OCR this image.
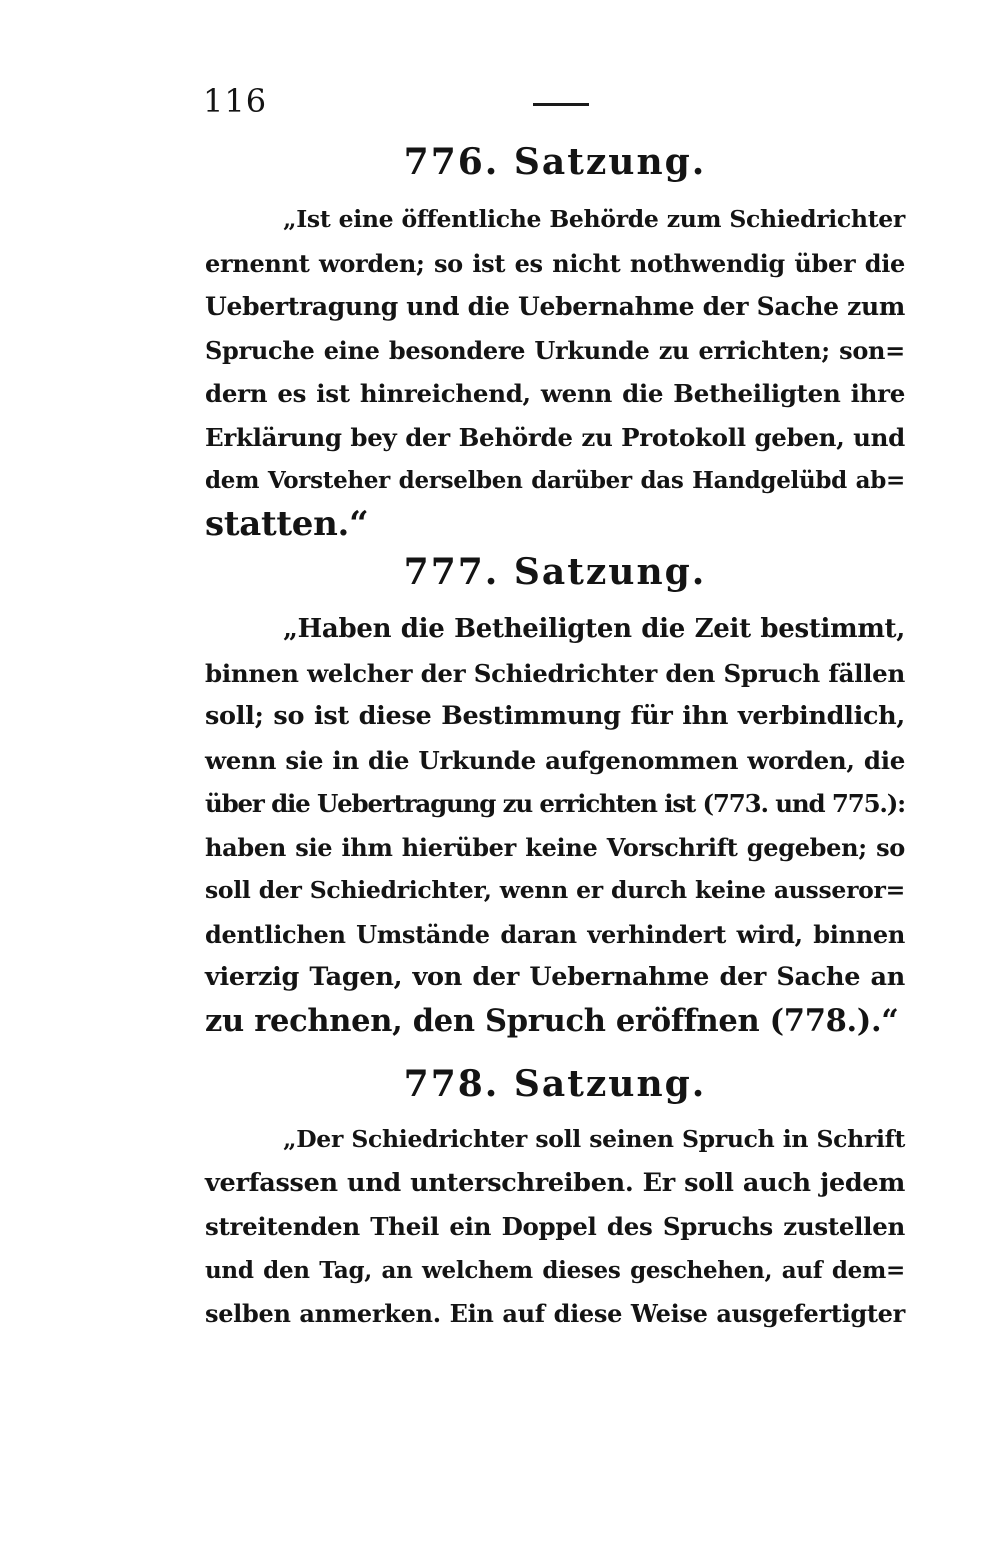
116
776. Satzung.
„Ist eine öffentliche Behörde zum Schiedrichter
ernennt worden; so ist es nicht nothwendig über die
Uebertragung und die Uebernahme der Sache zum
Spruche eine besondere Urkunde zu errichten; son=
dern es ist hinreichend, wenn die Betheiligten ihre
Erklärung bey der Behörde zu Protokoll geben, und
dem Vorsteher derselben darüber das Handgelübd ab=
statten.“
777. Satzung.
„Haben die Betheiligten die Zeit bestimmt,
binnen welcher der Schiedrichter den Spruch fällen
soll; so ist diese Bestimmung für ihn verbindlich,
wenn sie in die Urkunde aufgenommen worden, die
über die Uebertragung zu errichten ist (773. und 775.):
haben sie ihm hierüber keine Vorschrift gegeben; so
soll der Schiedrichter, wenn er durch keine ausseror=
dentlichen Umstände daran verhindert wird, binnen
vierzig Tagen, von der Uebernahme der Sache an
zu rechnen, den Spruch eröffnen (778.).“
778. Satzung.
„Der Schiedrichter soll seinen Spruch in Schrift
verfassen und unterschreiben. Er soll auch jedem
streitenden Theil ein Doppel des Spruchs zustellen
und den Tag, an welchem dieses geschehen, auf dem=
selben anmerken. Ein auf diese Weise ausgefertigter
